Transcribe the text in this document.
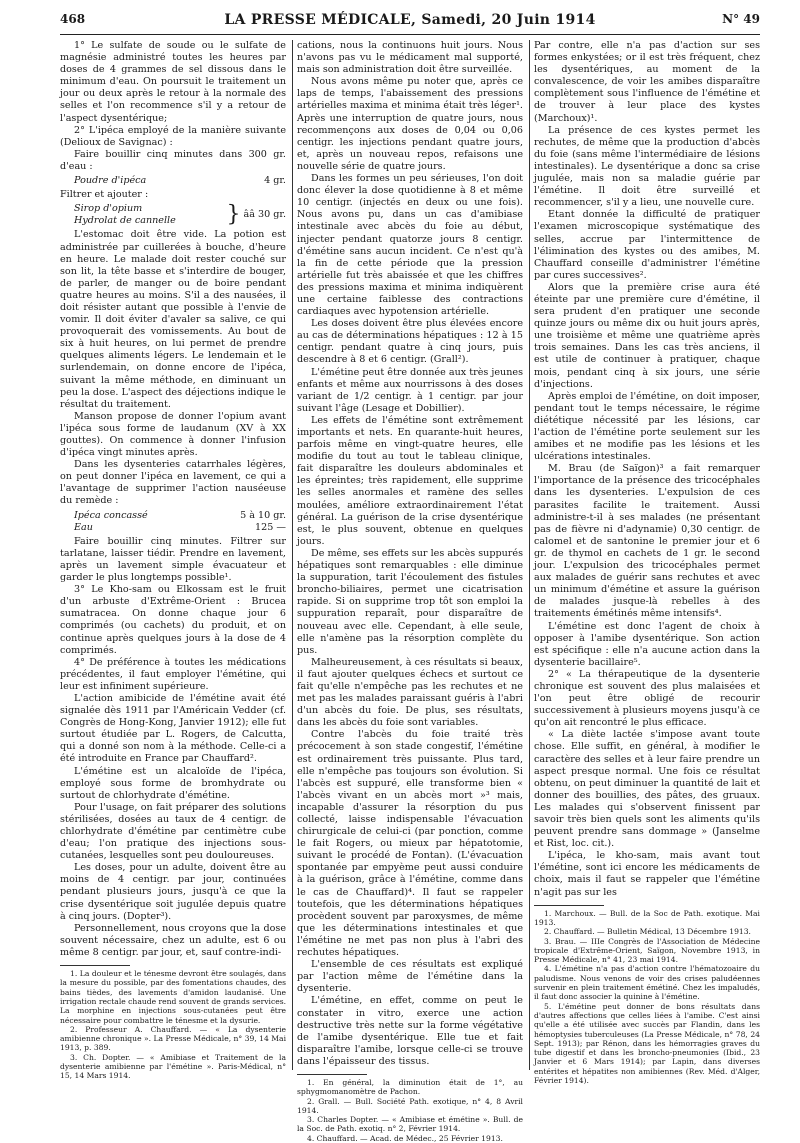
468	LA PRESSE MÉDICALE, Samedi, 20 Juin 1914	N° 49

1° Le sulfate de soude ou le sulfate de magnésie administré toutes les heures par doses de 4 grammes de sel dissous dans le minimum d'eau. On poursuit le traitement un jour ou deux après le retour à la normale des selles et l'on recommence s'il y a retour de l'aspect dysentérique;

2° L'ipéca employé de la manière suivante (Delioux de Savignac) :

Faire bouillir cinq minutes dans 300 gr. d'eau :

Poudre d'ipéca	4 gr.

Filtrer et ajouter :

Sirop d'opium
Hydrolat de cannelle } ââ 30 gr.

L'estomac doit être vide. La potion est administrée par cuillerées à bouche, d'heure en heure. Le malade doit rester couché sur son lit, la tête basse et s'interdire de bouger, de parler, de manger ou de boire pendant quatre heures au moins. S'il a des nausées, il doit résister autant que possible à l'envie de vomir. Il doit éviter d'avaler sa salive, ce qui provoquerait des vomissements. Au bout de six à huit heures, on lui permet de prendre quelques aliments légers. Le lendemain et le surlendemain, on donne encore de l'ipéca, suivant la même méthode, en diminuant un peu la dose. L'aspect des déjections indique le résultat du traitement.

Manson propose de donner l'opium avant l'ipéca sous forme de laudanum (XV à XX gouttes). On commence à donner l'infusion d'ipéca vingt minutes après.

Dans les dysenteries catarrhales légères, on peut donner l'ipéca en lavement, ce qui a l'avantage de supprimer l'action nauséeuse du remède :

Ipéca concassé	5 à 10 gr.
Eau	125 —

Faire bouillir cinq minutes. Filtrer sur tarlatane, laisser tiédir. Prendre en lavement, après un lavement simple évacuateur et garder le plus longtemps possible¹.

3° Le Kho-sam ou Elkossam est le fruit d'un arbuste d'Extrême-Orient : Brucea sumatracea. On donne chaque jour 6 comprimés (ou cachets) du produit, et on continue après quelques jours à la dose de 4 comprimés.

4° De préférence à toutes les médications précédentes, il faut employer l'émétine, qui leur est infiniment supérieure.

L'action amibicide de l'émétine avait été signalée dès 1911 par l'Américain Vedder (cf. Congrès de Hong-Kong, Janvier 1912); elle fut surtout étudiée par L. Rogers, de Calcutta, qui a donné son nom à la méthode. Celle-ci a été introduite en France par Chauffard².

L'émétine est un alcaloïde de l'ipéca, employé sous forme de bromhydrate ou surtout de chlorhydrate d'émétine.

Pour l'usage, on fait préparer des solutions stérilisées, dosées au taux de 4 centigr. de chlorhydrate d'émétine par centimètre cube d'eau; l'on pratique des injections sous-cutanées, lesquelles sont peu douloureuses.

Les doses, pour un adulte, doivent être au moins de 4 centigr. par jour, continuées pendant plusieurs jours, jusqu'à ce que la crise dysentérique soit jugulée depuis quatre à cinq jours. (Dopter³).

Personnellement, nous croyons que la dose souvent nécessaire, chez un adulte, est 6 ou même 8 centigr. par jour, et, sauf contre-indi-

1. La douleur et le ténesme devront être soulagés, dans la mesure du possible, par des fomentations chaudes, des bains tièdes, des lavements d'amidon laudanisé. Une irrigation rectale chaude rend souvent de grands services. La morphine en injections sous-cutanées peut être nécessaire pour combattre le ténesme et la dysurie.

2. Professeur A. Chauffard. — « La dysenterie amibienne chronique ». La Presse Médicale, n° 39, 14 Mai 1913, p. 389.

3. Ch. Dopter. — « Amibiase et Traitement de la dysenterie amibienne par l'émétine ». Paris-Médical, n° 15, 14 Mars 1914.

cations, nous la continuons huit jours. Nous n'avons pas vu le médicament mal supporté, mais son administration doit être surveillée.

Nous avons même pu noter que, après ce laps de temps, l'abaissement des pressions artérielles maxima et minima était très léger¹. Après une interruption de quatre jours, nous recommençons aux doses de 0,04 ou 0,06 centigr. les injections pendant quatre jours, et, après un nouveau repos, refaisons une nouvelle série de quatre jours.

Dans les formes un peu sérieuses, l'on doit donc élever la dose quotidienne à 8 et même 10 centigr. (injectés en deux ou une fois). Nous avons pu, dans un cas d'amibiase intestinale avec abcès du foie au début, injecter pendant quatorze jours 8 centigr. d'émétine sans aucun incident. Ce n'est qu'à la fin de cette période que la pression artérielle fut très abaissée et que les chiffres des pressions maxima et minima indiquèrent une certaine faiblesse des contractions cardiaques avec hypotension artérielle.

Les doses doivent être plus élevées encore au cas de déterminations hépatiques : 12 à 15 centigr. pendant quatre à cinq jours, puis descendre à 8 et 6 centigr. (Grall²).

L'émétine peut être donnée aux très jeunes enfants et même aux nourrissons à des doses variant de 1/2 centigr. à 1 centigr. par jour suivant l'âge (Lesage et Dobillier).

Les effets de l'émétine sont extrêmement importants et nets. En quarante-huit heures, parfois même en vingt-quatre heures, elle modifie du tout au tout le tableau clinique, fait disparaître les douleurs abdominales et les épreintes; très rapidement, elle supprime les selles anormales et ramène des selles moulées, améliore extraordinairement l'état général. La guérison de la crise dysentérique est, le plus souvent, obtenue en quelques jours.

De même, ses effets sur les abcès suppurés hépatiques sont remarquables : elle diminue la suppuration, tarit l'écoulement des fistules broncho-biliaires, permet une cicatrisation rapide. Si on supprime trop tôt son emploi la suppuration reparaît, pour disparaître de nouveau avec elle. Cependant, à elle seule, elle n'amène pas la résorption complète du pus.

Malheureusement, à ces résultats si beaux, il faut ajouter quelques échecs et surtout ce fait qu'elle n'empêche pas les rechutes et ne met pas les malades paraissant guéris à l'abri d'un abcès du foie. De plus, ses résultats, dans les abcès du foie sont variables.

Contre l'abcès du foie traité très précocement à son stade congestif, l'émétine est ordinairement très puissante. Plus tard, elle n'empêche pas toujours son évolution. Si l'abcès est suppuré, elle transforme bien « l'abcès vivant en un abcès mort »³ mais, incapable d'assurer la résorption du pus collecté, laisse indispensable l'évacuation chirurgicale de celui-ci (par ponction, comme le fait Rogers, ou mieux par hépatotomie, suivant le procédé de Fontan). (L'évacuation spontanée par empyème peut aussi conduire à la guérison, grâce à l'émétine, comme dans le cas de Chauffard)⁴. Il faut se rappeler toutefois, que les déterminations hépatiques procèdent souvent par paroxysmes, de même que les déterminations intestinales et que l'émétine ne met pas non plus à l'abri des rechutes hépatiques.

L'ensemble de ces résultats est expliqué par l'action même de l'émétine dans la dysenterie.

L'émétine, en effet, comme on peut le constater in vitro, exerce une action destructive très nette sur la forme végétative de l'amibe dysentérique. Elle tue et fait disparaître l'amibe, lorsque celle-ci se trouve dans l'épaisseur des tissus.

1. En général, la diminution était de 1°, au sphygmomanomètre de Pachon.

2. Grall. — Bull. Société Path. exotique, n° 4, 8 Avril 1914.

3. Charles Dopter. — « Amibiase et émétine ». Bull. de la Soc. de Path. exotiq. n° 2, Février 1914.

4. Chauffard. — Acad. de Médec., 25 Février 1913.

Par contre, elle n'a pas d'action sur ses formes enkystées; or il est très fréquent, chez les dysentériques, au moment de la convalescence, de voir les amibes disparaître complètement sous l'influence de l'émétine et de trouver à leur place des kystes (Marchoux)¹.

La présence de ces kystes permet les rechutes, de même que la production d'abcès du foie (sans même l'intermédiaire de lésions intestinales). Le dysentérique a donc sa crise jugulée, mais non sa maladie guérie par l'émétine. Il doit être surveillé et recommencer, s'il y a lieu, une nouvelle cure.

Etant donnée la difficulté de pratiquer l'examen microscopique systématique des selles, accrue par l'intermittence de l'élimination des kystes ou des amibes, M. Chauffard conseille d'administrer l'émétine par cures successives².

Alors que la première crise aura été éteinte par une première cure d'émétine, il sera prudent d'en pratiquer une seconde quinze jours ou même dix ou huit jours après, une troisième et même une quatrième après trois semaines. Dans les cas très anciens, il est utile de continuer à pratiquer, chaque mois, pendant cinq à six jours, une série d'injections.

Après emploi de l'émétine, on doit imposer, pendant tout le temps nécessaire, le régime diététique nécessité par les lésions, car l'action de l'émétine porte seulement sur les amibes et ne modifie pas les lésions et les ulcérations intestinales.

M. Brau (de Saïgon)³ a fait remarquer l'importance de la présence des tricocéphales dans les dysenteries. L'expulsion de ces parasites facilite le traitement. Aussi administre-t-il à ses malades (ne présentant pas de fièvre ni d'adynamie) 0,30 centigr. de calomel et de santonine le premier jour et 6 gr. de thymol en cachets de 1 gr. le second jour. L'expulsion des tricocéphales permet aux malades de guérir sans rechutes et avec un minimum d'émétine et assure la guérison de malades jusque-là rebelles à des traitements émétinés même intensifs⁴.

L'émétine est donc l'agent de choix à opposer à l'amibe dysentérique. Son action est spécifique : elle n'a aucune action dans la dysenterie bacillaire⁵.

2° « La thérapeutique de la dysenterie chronique est souvent des plus malaisées et l'on peut être obligé de recourir successivement à plusieurs moyens jusqu'à ce qu'on ait rencontré le plus efficace.

« La diète lactée s'impose avant toute chose. Elle suffit, en général, à modifier le caractère des selles et à leur faire prendre un aspect presque normal. Une fois ce résultat obtenu, on peut diminuer la quantité de lait et donner des bouillies, des pâtes, des gruaux. Les malades qui s'observent finissent par savoir très bien quels sont les aliments qu'ils peuvent prendre sans dommage » (Janselme et Rist, loc. cit.).

L'ipéca, le kho-sam, mais avant tout l'émétine, sont ici encore les médicaments de choix, mais il faut se rappeler que l'émétine n'agit pas sur les

1. Marchoux. — Bull. de la Soc de Path. exotique. Mai 1913.

2. Chauffard. — Bulletin Médical, 13 Décembre 1913.

3. Brau. — IIIe Congrès de l'Association de Médecine tropicale d'Extrême-Orient, Saïgon, Novembre 1913, in Presse Médicale, n° 41, 23 mai 1914.

4. L'émétine n'a pas d'action contre l'hématozoaire du paludisme. Nous venons de voir des crises paludéennes survenir en plein traitement émétiné. Chez les impaludés, il faut donc associer la quinine à l'émétine.

5. L'émétine peut donner de bons résultats dans d'autres affections que celles liées à l'amibe. C'est ainsi qu'elle a été utilisée avec succès par Flandin, dans les hémoptysies tuberculeuses (La Presse Médicale, n° 78, 24 Sept. 1913); par Rénon, dans les hémorragies graves du tube digestif et dans les broncho-pneumonies (Ibid., 23 Janvier et 6 Mars 1914); par Lapin, dans diverses entérites et hépatites non amibiennes (Rev. Méd. d'Alger, Février 1914).
